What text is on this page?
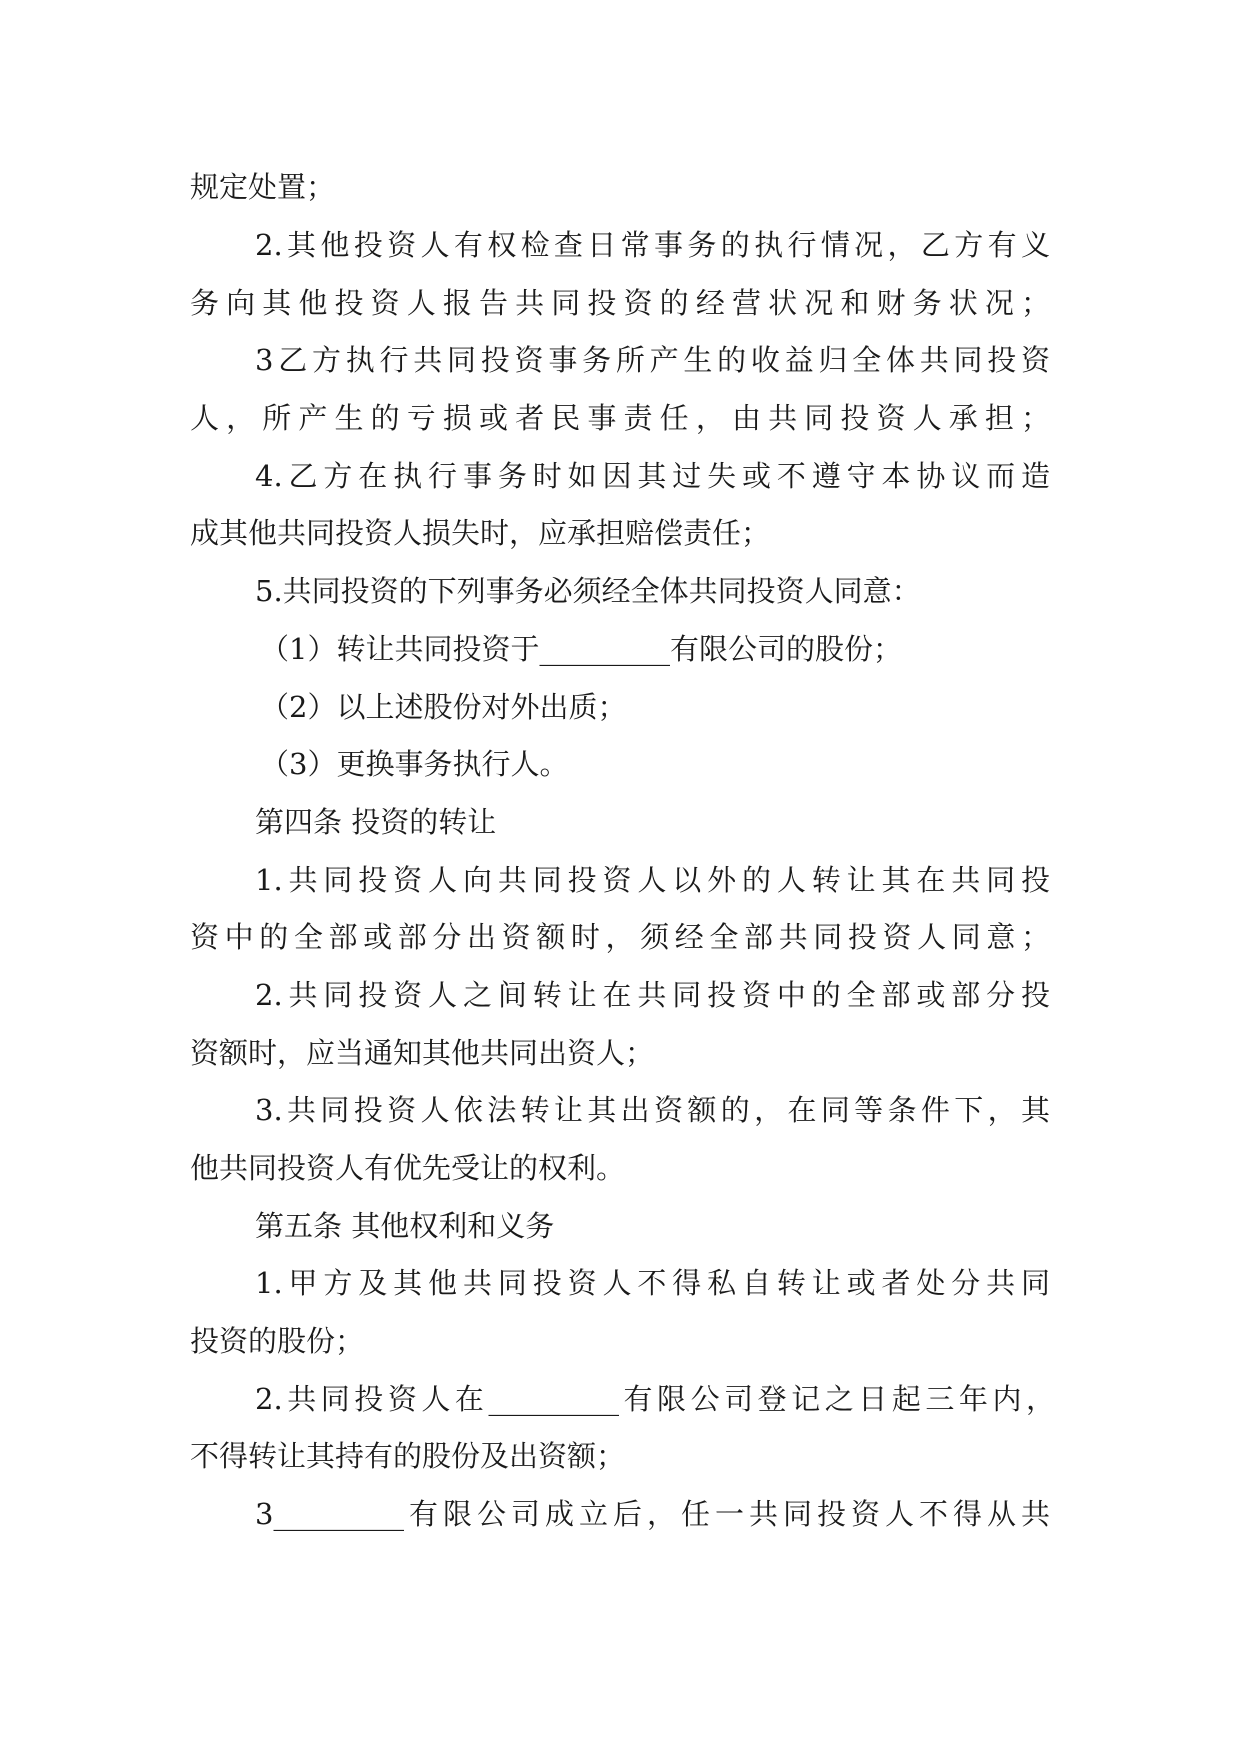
规定处置；
2.其他投资人有权检查日常事务的执行情况，乙方有义
务向其他投资人报告共同投资的经营状况和财务状况；
3乙方执行共同投资事务所产生的收益归全体共同投资
人，所产生的亏损或者民事责任，由共同投资人承担；
4.乙方在执行事务时如因其过失或不遵守本协议而造
成其他共同投资人损失时，应承担赔偿责任；
5.共同投资的下列事务必须经全体共同投资人同意：
（1）转让共同投资于_________有限公司的股份；
（2）以上述股份对外出质；
（3）更换事务执行人。
第四条 投资的转让
1.共同投资人向共同投资人以外的人转让其在共同投
资中的全部或部分出资额时，须经全部共同投资人同意；
2.共同投资人之间转让在共同投资中的全部或部分投
资额时，应当通知其他共同出资人；
3.共同投资人依法转让其出资额的，在同等条件下，其
他共同投资人有优先受让的权利。
第五条 其他权利和义务
1.甲方及其他共同投资人不得私自转让或者处分共同
投资的股份；
2.共同投资人在_________有限公司登记之日起三年内，
不得转让其持有的股份及出资额；
3_________有限公司成立后，任一共同投资人不得从共
